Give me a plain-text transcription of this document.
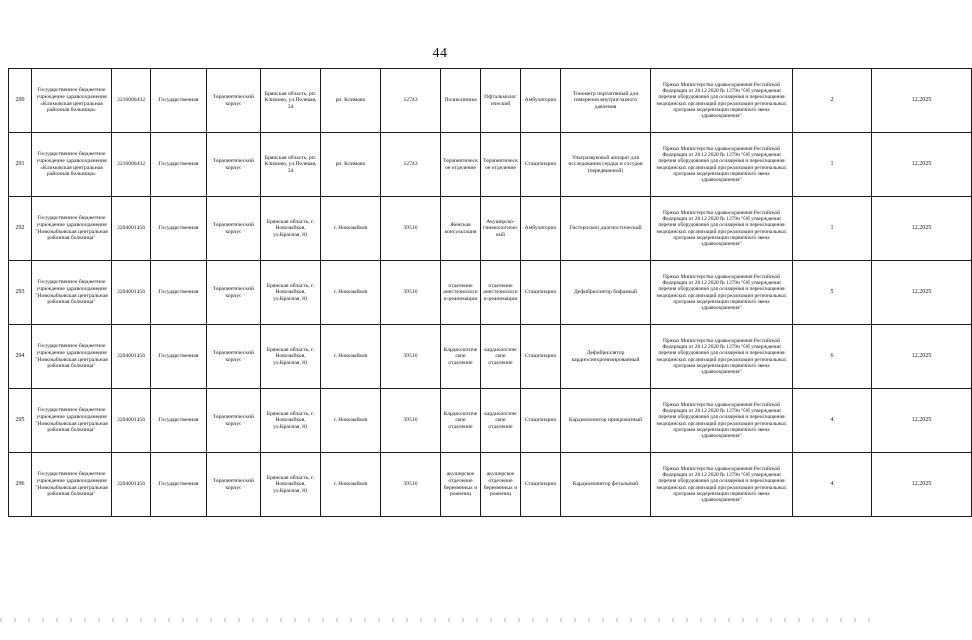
44
290	Государственное бюджетное учреждение здравоохранения «Климовская центральная районная больница»	3216000432	Государственная	Терапевтический корпус	Брянская область, рп. Климово, ул.Полевая, 34	рп. Климово	12743	Поликлиника	Офтальмологический	Амбулаторно	Тонометр портативный для измерения внутриглазного давления	Приказ Министерства здравоохранения Российской Федерации от 28.12.2020 № 1379н "Об утверждении перечня оборудования для оснащения и переоснащения медицинских организаций при реализации региональных программ модернизации первичного звена здравоохранения"	2	12.2025
291	Государственное бюджетное учреждение здравоохранения «Климовская центральная районная больница»	3216000432	Государственная	Терапевтический корпус	Брянская область, рп. Климово, ул.Полевая, 34	рп. Климово	12743	Терапевтическое отделение	Терапевтическое отделение	Стационарно	Ультразвуковой аппарат для исследования сердца и сосудов (передвижной)	Приказ Министерства здравоохранения Российской Федерации от 28.12.2020 № 1379н "Об утверждении перечня оборудования для оснащения и переоснащения медицинских организаций при реализации региональных программ модернизации первичного звена здравоохранения"	1	12.2025
292	Государственное бюджетное учреждение здравоохранения "Новозыбковская центральная районная больница"	3204001456	Государственная	Терапевтический корпус	Брянская область, г. Новозыбков, ул.Красная, 81	г. Новозыбков	39510	Женская консультация	Акушерско-гинекологический	Амбулаторно	Гистероскоп диагностический	Приказ Министерства здравоохранения Российской Федерации от 28.12.2020 № 1379н "Об утверждении перечня оборудования для оснащения и переоснащения медицинских организаций при реализации региональных программ модернизации первичного звена здравоохранения"	1	12.2025
293	Государственное бюджетное учреждение здравоохранения "Новозыбковская центральная районная больница"	3204001456	Государственная	Терапевтический корпус	Брянская область, г. Новозыбков, ул.Красная, 81	г. Новозыбков	39510	отделение анестезиологии-реанимации	отделение анестезиологии-реанимации	Стационарно	Дефибриллятор бифазный	Приказ Министерства здравоохранения Российской Федерации от 28.12.2020 № 1379н "Об утверждении перечня оборудования для оснащения и переоснащения медицинских организаций при реализации региональных программ модернизации первичного звена здравоохранения"	5	12.2025
294	Государственное бюджетное учреждение здравоохранения "Новозыбковская центральная районная больница"	3204001456	Государственная	Терапевтический корпус	Брянская область, г. Новозыбков, ул.Красная, 81	г. Новозыбков	39510	Кардиологическое отделение	кардиологическое отделение	Стационарно	Дефибриллятор кардиосинхронизированный	Приказ Министерства здравоохранения Российской Федерации от 28.12.2020 № 1379н "Об утверждении перечня оборудования для оснащения и переоснащения медицинских организаций при реализации региональных программ модернизации первичного звена здравоохранения"	6	12.2025
295	Государственное бюджетное учреждение здравоохранения "Новозыбковская центральная районная больница"	3204001456	Государственная	Терапевтический корпус	Брянская область, г. Новозыбков, ул.Красная, 81	г. Новозыбков	39510	Кардиологическое отделение	кардиологическое отделение	Стационарно	Кардиомонитор прикроватный	Приказ Министерства здравоохранения Российской Федерации от 28.12.2020 № 1379н "Об утверждении перечня оборудования для оснащения и переоснащения медицинских организаций при реализации региональных программ модернизации первичного звена здравоохранения"	4	12.2025
296	Государственное бюджетное учреждение здравоохранения "Новозыбковская центральная районная больница"	3204001456	Государственная	Терапевтический корпус	Брянская область, г. Новозыбков, ул.Красная, 81	г. Новозыбков	39510	акушерское отделение беременных и рожениц	акушерское отделение беременных и рожениц	Стационарно	Кардиомонитор фетальный	Приказ Министерства здравоохранения Российской Федерации от 28.12.2020 № 1379н "Об утверждении перечня оборудования для оснащения и переоснащения медицинских организаций при реализации региональных программ модернизации первичного звена здравоохранения"	4	12.2025
